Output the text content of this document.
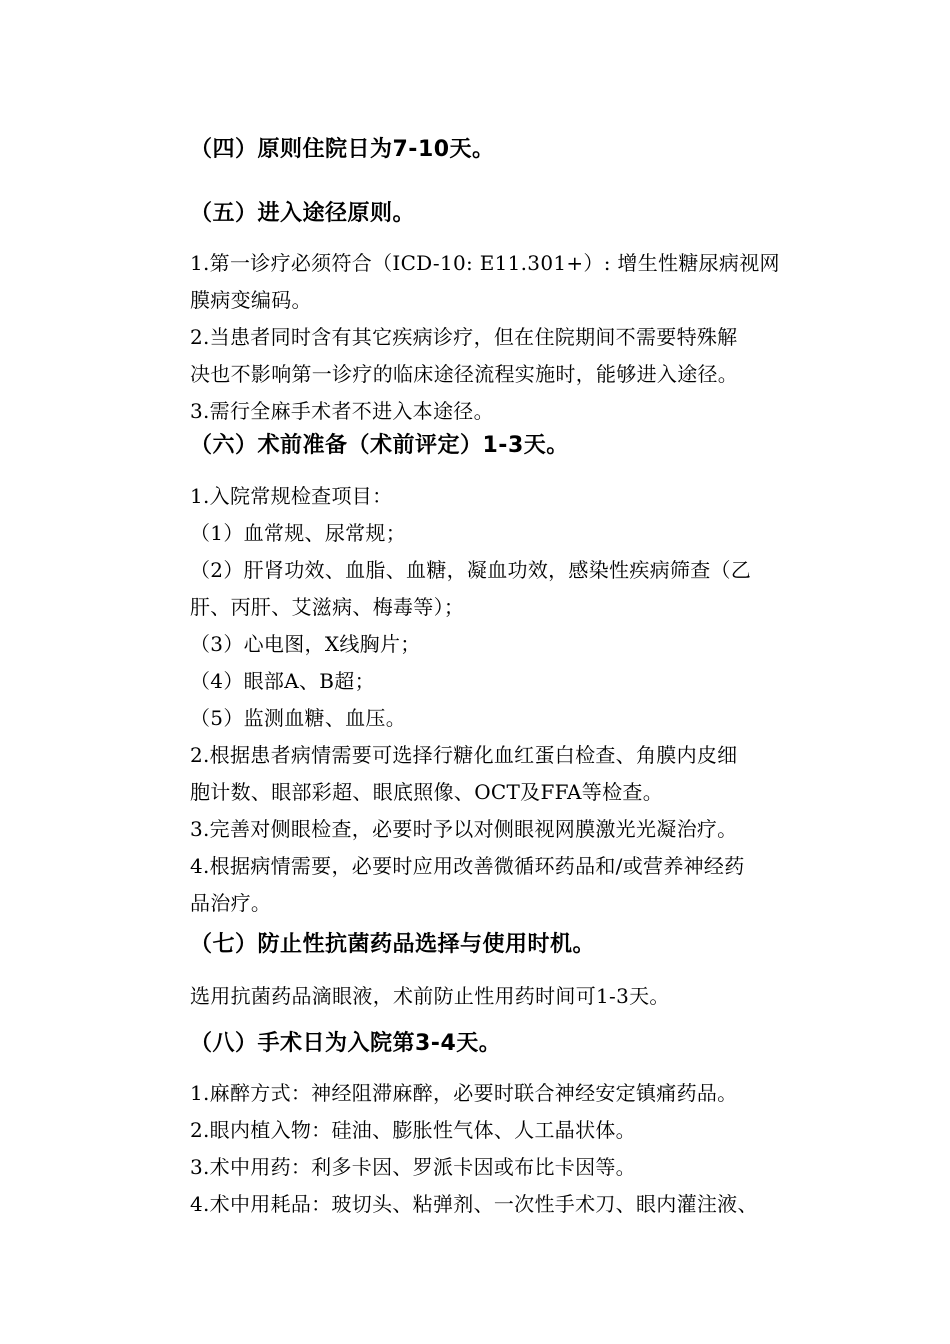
（四）原则住院日为7-10天。
（五）进入途径原则。
1.第一诊疗必须符合（ICD-10: E11.301+）: 增生性糖尿病视网
膜病变编码。
2.当患者同时含有其它疾病诊疗，但在住院期间不需要特殊解
决也不影响第一诊疗的临床途径流程实施时，能够进入途径。
3.需行全麻手术者不进入本途径。
（六）术前准备（术前评定）1-3天。
1.入院常规检查项目：
（1）血常规、尿常规；
（2）肝肾功效、血脂、血糖，凝血功效，感染性疾病筛查（乙
肝、丙肝、艾滋病、梅毒等）；
（3）心电图，X线胸片；
（4）眼部A、B超；
（5）监测血糖、血压。
2.根据患者病情需要可选择行糖化血红蛋白检查、角膜内皮细
胞计数、眼部彩超、眼底照像、OCT及FFA等检查。
3.完善对侧眼检查，必要时予以对侧眼视网膜激光光凝治疗。
4.根据病情需要，必要时应用改善微循环药品和/或营养神经药
品治疗。
（七）防止性抗菌药品选择与使用时机。
选用抗菌药品滴眼液，术前防止性用药时间可1-3天。
（八）手术日为入院第3-4天。
1.麻醉方式：神经阻滞麻醉，必要时联合神经安定镇痛药品。
2.眼内植入物：硅油、膨胀性气体、人工晶状体。
3.术中用药：利多卡因、罗派卡因或布比卡因等。
4.术中用耗品：玻切头、粘弹剂、一次性手术刀、眼内灌注液、
